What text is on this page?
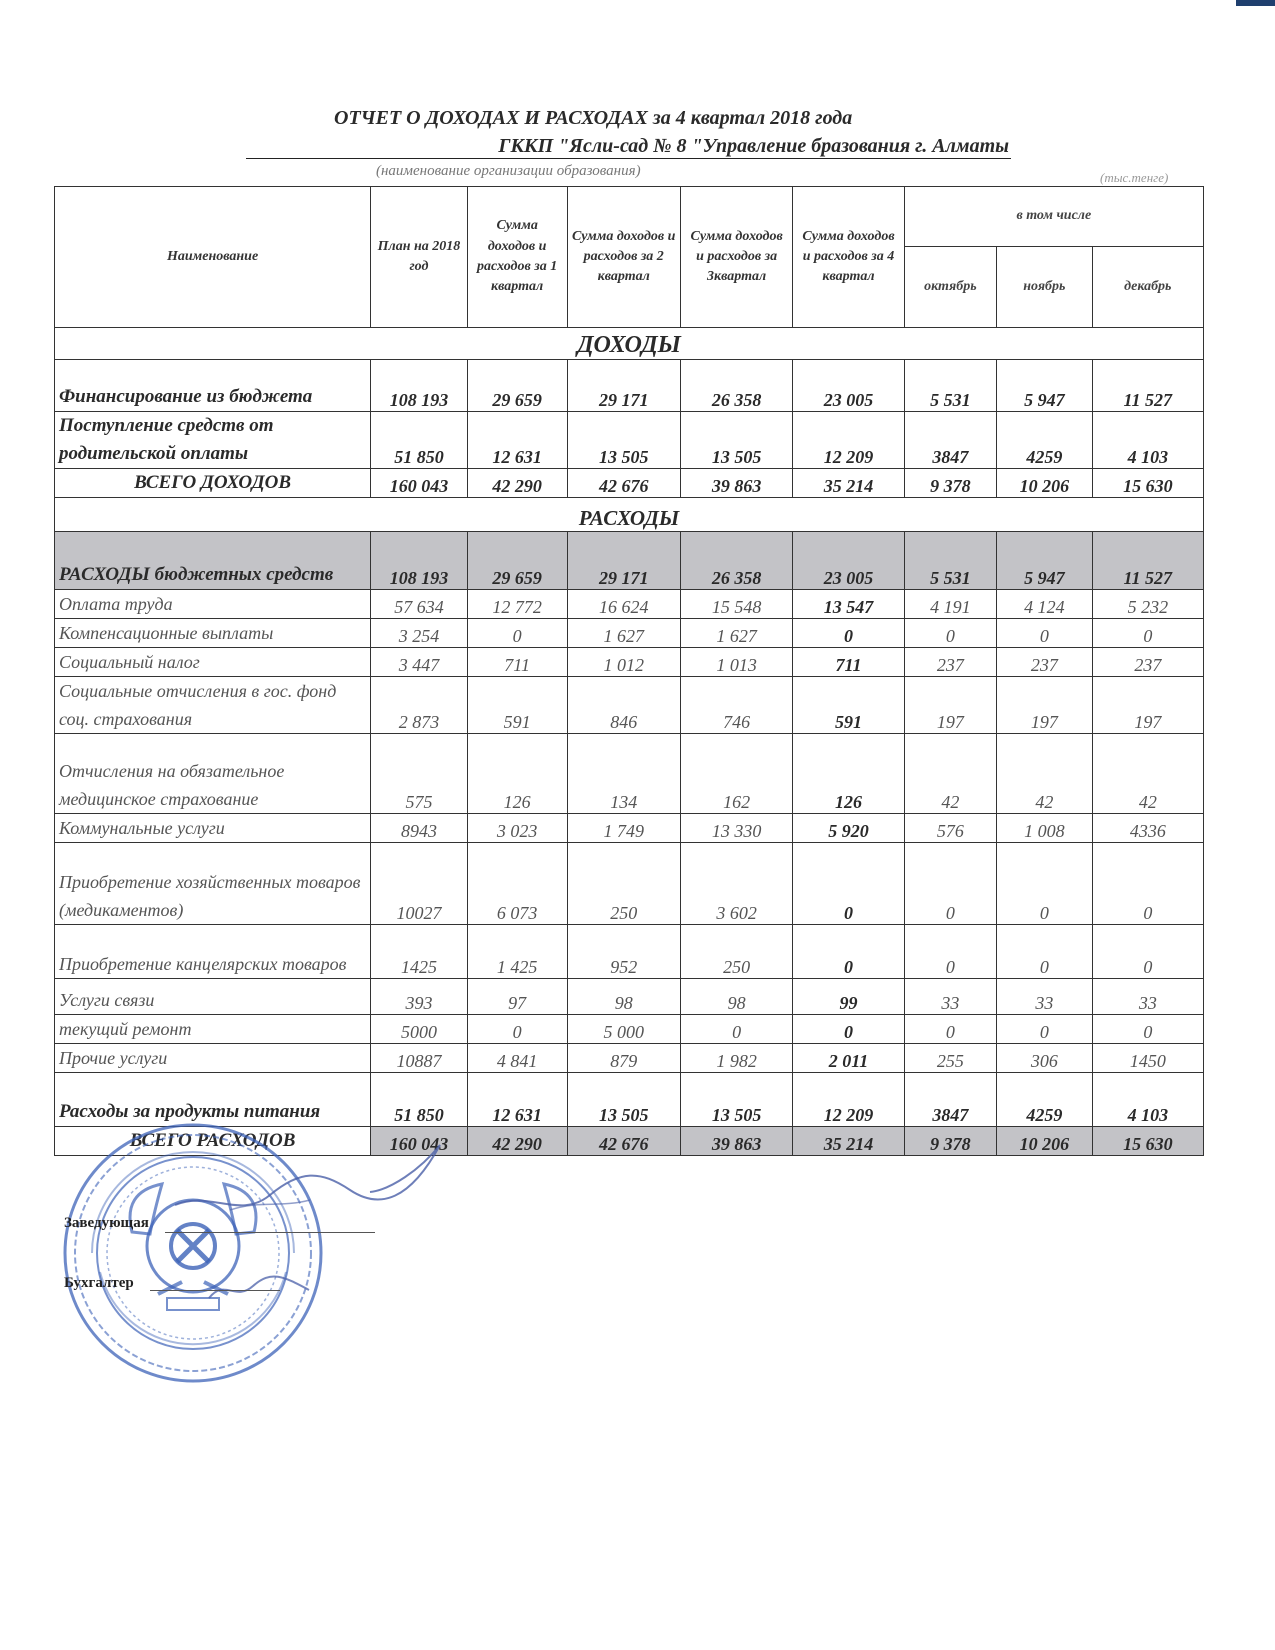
ОТЧЕТ О ДОХОДАХ И РАСХОДАХ за 4 квартал 2018 года
ГККП "Ясли-сад № 8 "Управление бразования г. Алматы
(наименование организации образования)	(тыс.тенге)
Наименование	План на 2018 год	Сумма доходов и расходов за 1 квартал	Сумма доходов и расходов за 2 квартал	Сумма доходов и расходов за 3квартал	Сумма доходов и расходов за 4 квартал	в том числе		
						октябрь	ноябрь	декабрь
ДОХОДЫ								
Финансирование из бюджета	108 193	29 659	29 171	26 358	23 005	5 531	5 947	11 527
Поступление средств от родительской оплаты	51 850	12 631	13 505	13 505	12 209	3847	4259	4 103
ВСЕГО ДОХОДОВ	160 043	42 290	42 676	39 863	35 214	9 378	10 206	15 630
РАСХОДЫ								
РАСХОДЫ бюджетных средств	108 193	29 659	29 171	26 358	23 005	5 531	5 947	11 527
Оплата труда	57 634	12 772	16 624	15 548	13 547	4 191	4 124	5 232
Компенсационные выплаты	3 254	0	1 627	1 627	0	0	0	0
Социальный налог	3 447	711	1 012	1 013	711	237	237	237
Социальные отчисления в гос. фонд соц. страхования	2 873	591	846	746	591	197	197	197
Отчисления на обязательное медицинское страхование	575	126	134	162	126	42	42	42
Коммунальные услуги	8943	3 023	1 749	13 330	5 920	576	1 008	4336
Приобретение хозяйственных товаров (медикаментов)	10027	6 073	250	3 602	0	0	0	0
Приобретение канцелярских товаров	1425	1 425	952	250	0	0	0	0
Услуги связи	393	97	98	98	99	33	33	33
текущий ремонт	5000	0	5 000	0	0	0	0	0
Прочие услуги	10887	4 841	879	1 982	2 011	255	306	1450
Расходы за продукты питания	51 850	12 631	13 505	13 505	12 209	3847	4259	4 103
ВСЕГО РАСХОДОВ	160 043	42 290	42 676	39 863	35 214	9 378	10 206	15 630
Заведующая
Бухгалтер
